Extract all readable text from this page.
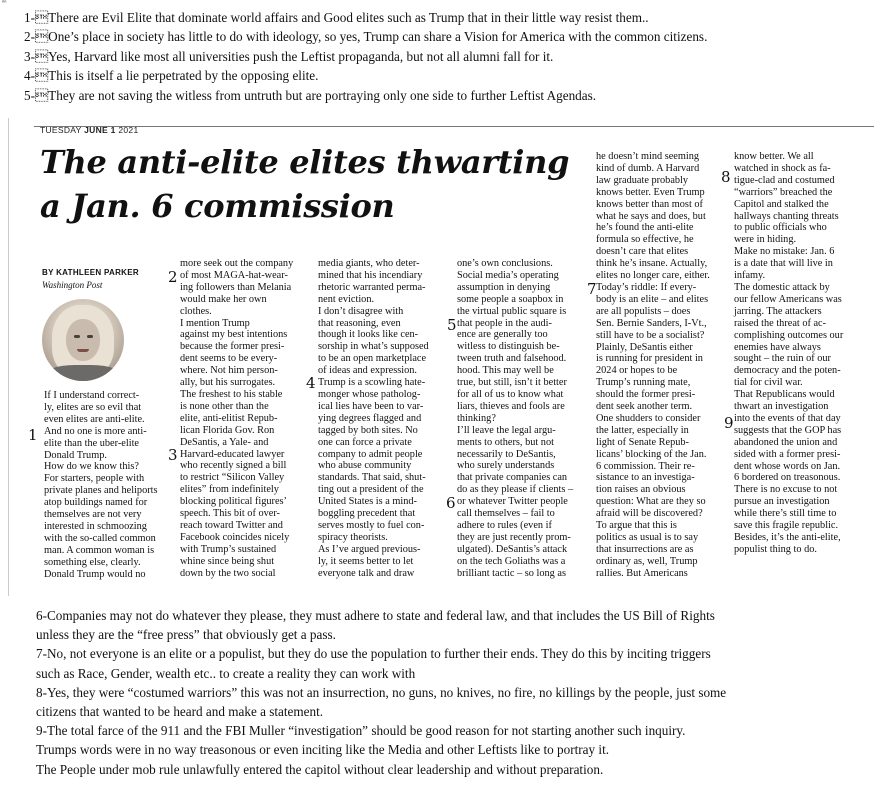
ⁿⁿ
1-There are Evil Elite that dominate world affairs and Good elites such as Trump that in their little way resist them..
2-One’s place in society has little to do with ideology, so yes, Trump can share a Vision for America with the common citizens.
3-Yes, Harvard like most all universities push the Leftist propaganda, but not all alumni fall for it.
4-This is itself a lie perpetrated by the opposing elite.
5-They are not saving the witless from untruth but are portraying only one side to further Leftist Agendas.
TUESDAY JUNE 1 2021
The anti-elite elites thwarting
a Jan. 6 commission
BY KATHLEEN PARKER
Washington Post

If I understand correct-

ly, elites are so evil that

even elites are anti-elite.

And no one is more anti-

elite than the uber-elite

Donald Trump.

How do we know this?

For starters, people with

private planes and heliports

atop buildings named for

themselves are not very

interested in schmoozing

with the so-called common

man. A common woman is

something else, clearly.

Donald Trump would no

more seek out the company

of most MAGA-hat-wear-

ing followers than Melania

would make her own

clothes.

I mention Trump

against my best intentions

because the former presi-

dent seems to be every-

where. Not him person-

ally, but his surrogates.

The freshest to his stable

is none other than the

elite, anti-elitist Repub-

lican Florida Gov. Ron

DeSantis, a Yale- and

Harvard-educated lawyer

who recently signed a bill

to restrict “Silicon Valley

elites” from indefinitely

blocking political figures’

speech. This bit of over-

reach toward Twitter and

Facebook coincides nicely

with Trump’s sustained

whine since being shut

down by the two social

media giants, who deter-

mined that his incendiary

rhetoric warranted perma-

nent eviction.

I don’t disagree with

that reasoning, even

though it looks like cen-

sorship in what’s supposed

to be an open marketplace

of ideas and expression.

Trump is a scowling hate-

monger whose patholog-

ical lies have been to var-

ying degrees flagged and

tagged by both sites. No

one can force a private

company to admit people

who abuse community

standards. That said, shut-

ting out a president of the

United States is a mind-

boggling precedent that

serves mostly to fuel con-

spiracy theorists.

As I’ve argued previous-

ly, it seems better to let

everyone talk and draw

one’s own conclusions.

Social media’s operating

assumption in denying

some people a soapbox in

the virtual public square is

that people in the audi-

ence are generally too

witless to distinguish be-

tween truth and falsehood.

hood. This may well be

true, but still, isn’t it better

for all of us to know what

liars, thieves and fools are

thinking?

I’ll leave the legal argu-

ments to others, but not

necessarily to DeSantis,

who surely understands

that private companies can

do as they please if clients –

or whatever Twitter people

call themselves – fail to

adhere to rules (even if

they are just recently prom-

ulgated). DeSantis’s attack

on the tech Goliaths was a

brilliant tactic – so long as

he doesn’t mind seeming

kind of dumb. A Harvard

law graduate probably

knows better. Even Trump

knows better than most of

what he says and does, but

he’s found the anti-elite

formula so effective, he

doesn’t care that elites

think he’s insane. Actually,

elites no longer care, either.

Today’s riddle: If every-

body is an elite – and elites

are all populists – does

Sen. Bernie Sanders, I-Vt.,

still have to be a socialist?

Plainly, DeSantis either

is running for president in

2024 or hopes to be

Trump’s running mate,

should the former presi-

dent seek another term.

One shudders to consider

the latter, especially in

light of Senate Repub-

licans’ blocking of the Jan.

6 commission. Their re-

sistance to an investiga-

tion raises an obvious

question: What are they so

afraid will be discovered?

To argue that this is

politics as usual is to say

that insurrections are as

ordinary as, well, Trump

rallies. But Americans

know better. We all

watched in shock as fa-

tigue-clad and costumed

“warriors” breached the

Capitol and stalked the

hallways chanting threats

to public officials who

were in hiding.

Make no mistake: Jan. 6

is a date that will live in

infamy.

The domestic attack by

our fellow Americans was

jarring. The attackers

raised the threat of ac-

complishing outcomes our

enemies have always

sought – the ruin of our

democracy and the poten-

tial for civil war.

That Republicans would

thwart an investigation

into the events of that day

suggests that the GOP has

abandoned the union and

sided with a former presi-

dent whose words on Jan.

6 bordered on treasonous.

There is no excuse to not

pursue an investigation

while there’s still time to

save this fragile republic.

Besides, it’s the anti-elite,

populist thing to do.

1
2
3
4
5
6
7
8
9
6-Companies may not do whatever they please, they must adhere to state and federal law, and that includes the US Bill of Rights
unless they are the “free press” that obviously get a pass.
7-No, not everyone is an elite or a populist, but they do use the population to further their ends. They do this by inciting triggers
such as Race, Gender, wealth etc.. to create a reality they can work with
8-Yes, they were “costumed warriors” this was not an insurrection, no guns, no knives, no fire, no killings by the people, just some
citizens that wanted to be heard and make a statement.
9-The total farce of the 911 and the FBI Muller “investigation” should be good reason for not starting another such inquiry.
Trumps words were in no way treasonous or even inciting like the Media and other Leftists like to portray it.
The People under mob rule unlawfully entered the capitol without clear leadership and without preparation.
